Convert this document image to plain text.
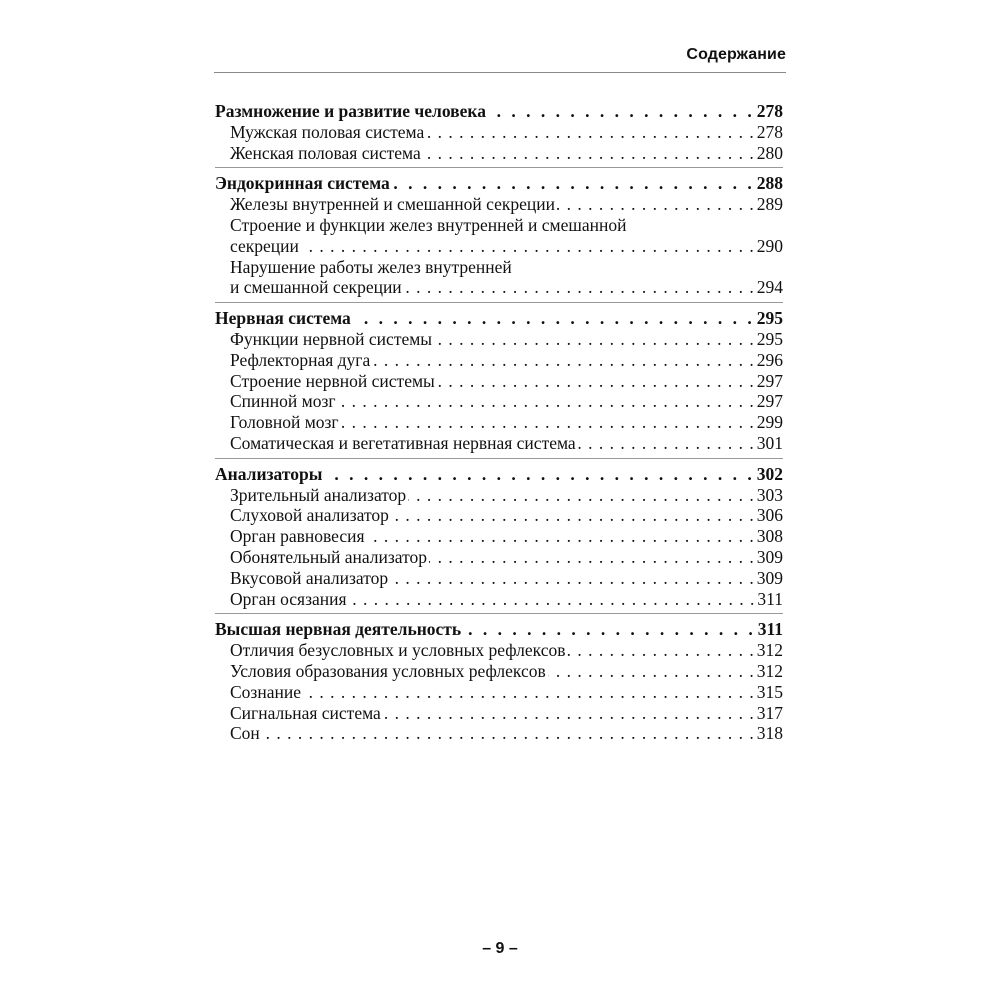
Содержание
Размножение и развитие человека . . .	278
Мужская половая система . . .	278
Женская половая система . . .	280
Эндокринная система . . .	288
Железы внутренней и смешанной секреции . . .	289
Строение и функции желез внутренней и смешанной
секреции . . .	290
Нарушение работы желез внутренней
и смешанной секреции . . .	294
Нервная система . . .	295
Функции нервной системы . . .	295
Рефлекторная дуга . . .	296
Строение нервной системы . . .	297
Спинной мозг . . .	297
Головной мозг . . .	299
Соматическая и вегетативная нервная система . . .	301
Анализаторы . . .	302
Зрительный анализатор . . .	303
Слуховой анализатор . . .	306
Орган равновесия . . .	308
Обонятельный анализатор . . .	309
Вкусовой анализатор . . .	309
Орган осязания . . .	311
Высшая нервная деятельность . . .	311
Отличия безусловных и условных рефлексов . . .	312
Условия образования условных рефлексов . . .	312
Сознание . . .	315
Сигнальная система . . .	317
Сон . . .	318
– 9 –
